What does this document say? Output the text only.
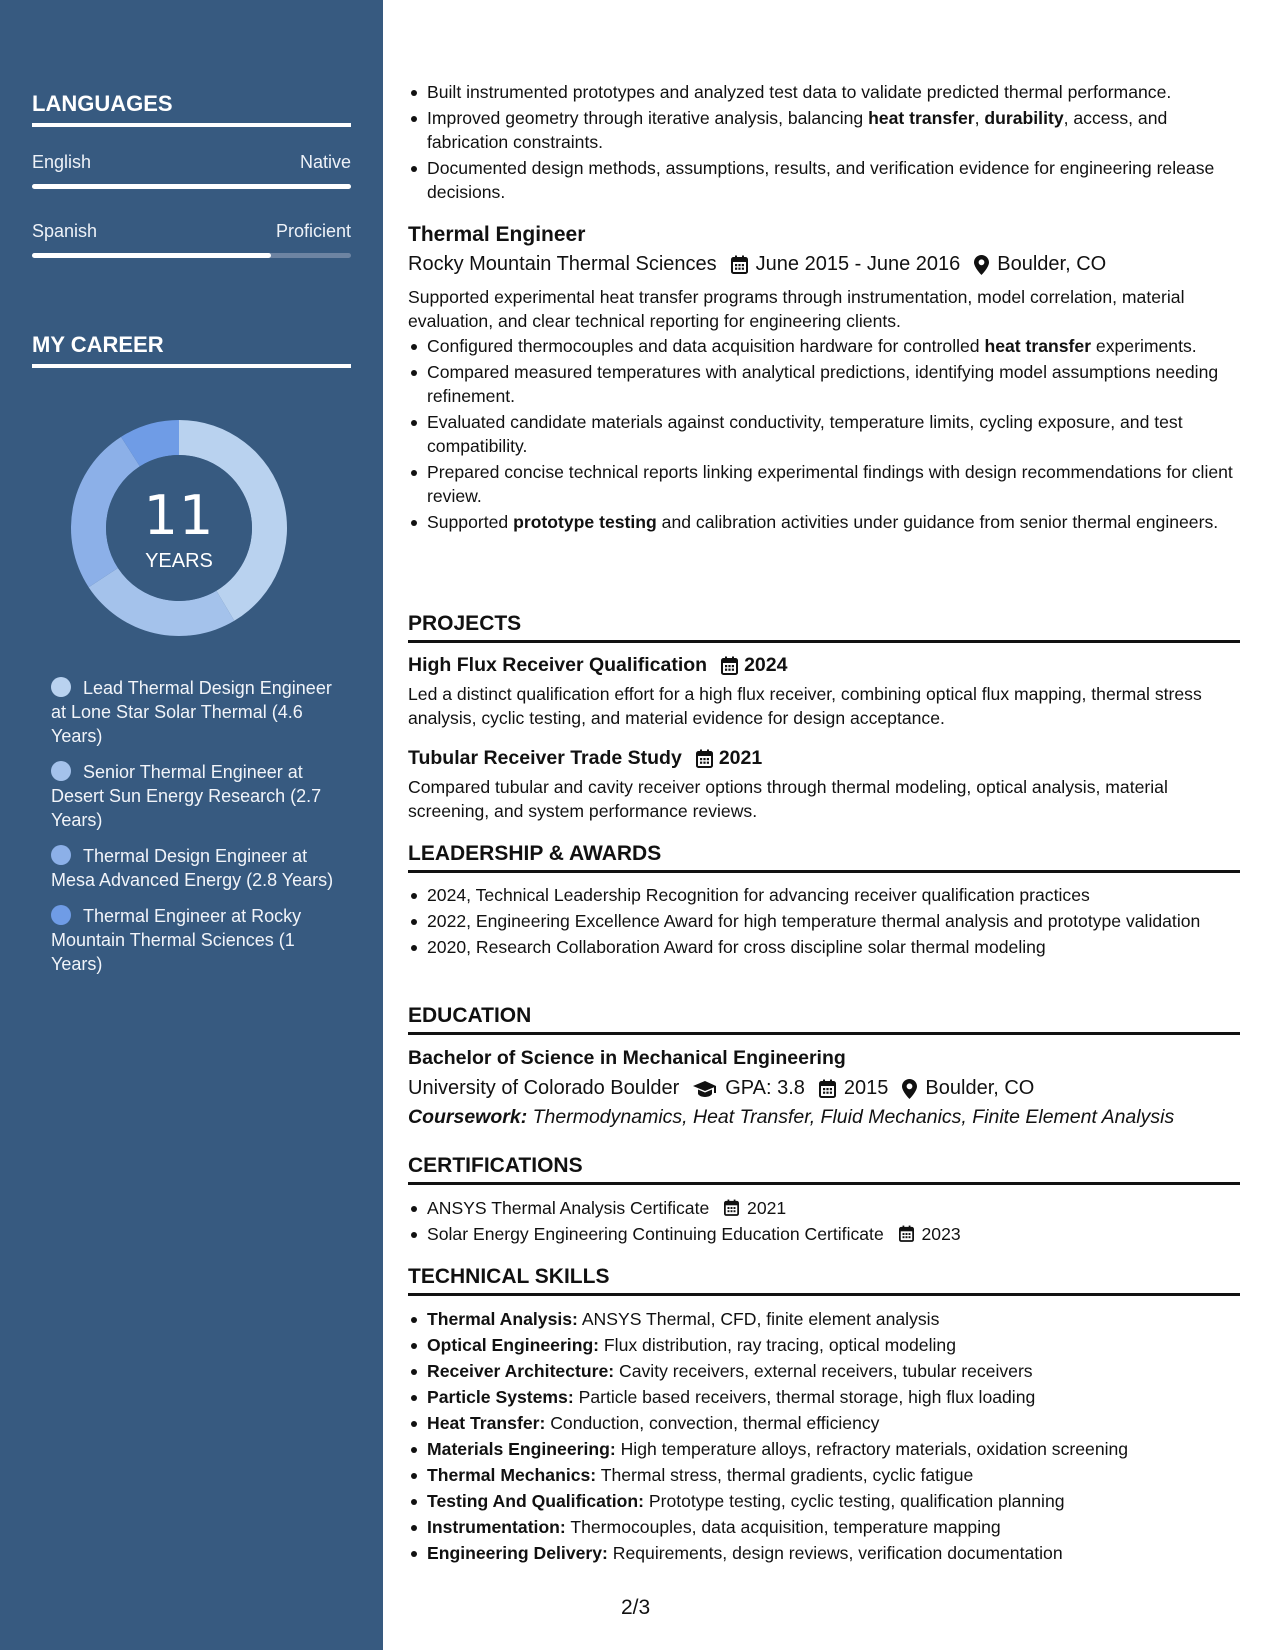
LANGUAGES
English	Native
Spanish	Proficient
MY CAREER
11
YEARS
Lead Thermal Design Engineer at Lone Star Solar Thermal (4.6 Years)
Senior Thermal Engineer at Desert Sun Energy Research (2.7 Years)
Thermal Design Engineer at Mesa Advanced Energy (2.8 Years)
Thermal Engineer at Rocky Mountain Thermal Sciences (1 Years)
Built instrumented prototypes and analyzed test data to validate predicted thermal performance.
Improved geometry through iterative analysis, balancing heat transfer, durability, access, and fabrication constraints.
Documented design methods, assumptions, results, and verification evidence for engineering release decisions.
Thermal Engineer
Rocky Mountain Thermal Sciences June 2015 - June 2016 Boulder, CO
Supported experimental heat transfer programs through instrumentation, model correlation, material evaluation, and clear technical reporting for engineering clients.
Configured thermocouples and data acquisition hardware for controlled heat transfer experiments.
Compared measured temperatures with analytical predictions, identifying model assumptions needing refinement.
Evaluated candidate materials against conductivity, temperature limits, cycling exposure, and test compatibility.
Prepared concise technical reports linking experimental findings with design recommendations for client review.
Supported prototype testing and calibration activities under guidance from senior thermal engineers.
PROJECTS
High Flux Receiver Qualification 2024
Led a distinct qualification effort for a high flux receiver, combining optical flux mapping, thermal stress analysis, cyclic testing, and material evidence for design acceptance.
Tubular Receiver Trade Study 2021
Compared tubular and cavity receiver options through thermal modeling, optical analysis, material screening, and system performance reviews.
LEADERSHIP & AWARDS
2024, Technical Leadership Recognition for advancing receiver qualification practices
2022, Engineering Excellence Award for high temperature thermal analysis and prototype validation
2020, Research Collaboration Award for cross discipline solar thermal modeling
EDUCATION
Bachelor of Science in Mechanical Engineering
University of Colorado Boulder GPA: 3.8 2015 Boulder, CO
Coursework: Thermodynamics, Heat Transfer, Fluid Mechanics, Finite Element Analysis
CERTIFICATIONS
ANSYS Thermal Analysis Certificate 2021
Solar Energy Engineering Continuing Education Certificate 2023
TECHNICAL SKILLS
Thermal Analysis: ANSYS Thermal, CFD, finite element analysis
Optical Engineering: Flux distribution, ray tracing, optical modeling
Receiver Architecture: Cavity receivers, external receivers, tubular receivers
Particle Systems: Particle based receivers, thermal storage, high flux loading
Heat Transfer: Conduction, convection, thermal efficiency
Materials Engineering: High temperature alloys, refractory materials, oxidation screening
Thermal Mechanics: Thermal stress, thermal gradients, cyclic fatigue
Testing And Qualification: Prototype testing, cyclic testing, qualification planning
Instrumentation: Thermocouples, data acquisition, temperature mapping
Engineering Delivery: Requirements, design reviews, verification documentation
2/3
